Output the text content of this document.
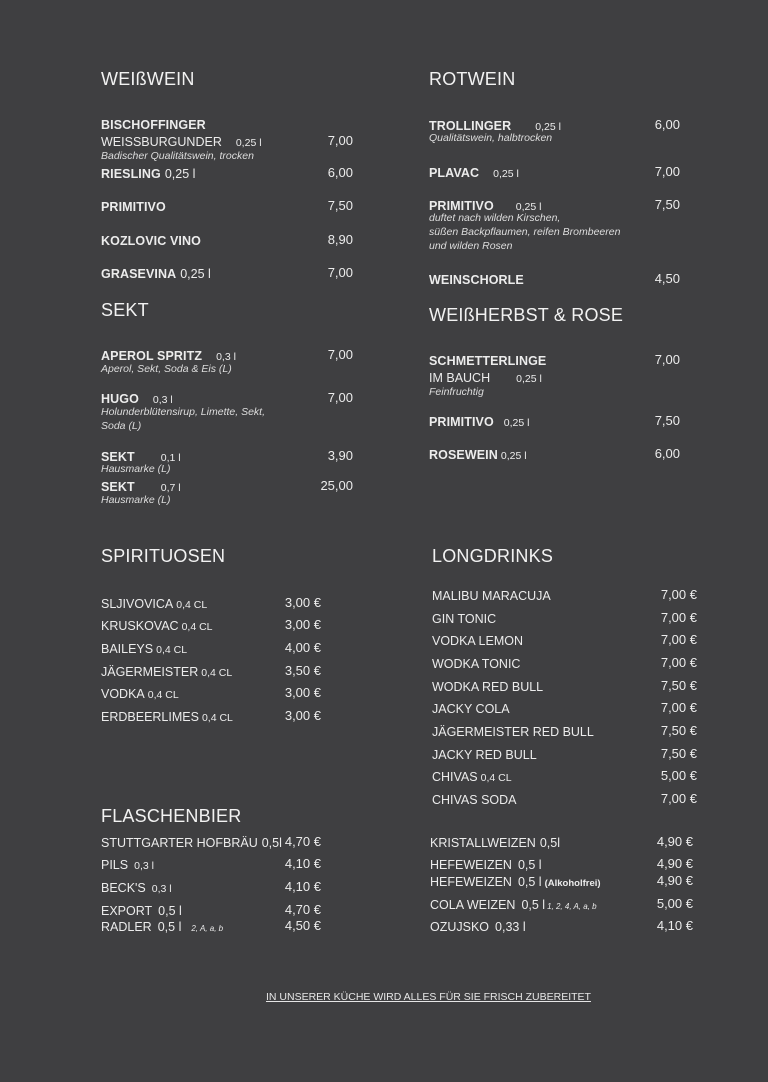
WEIßWEIN
BISCHOFFINGER
WEISSBURGUNDER 0,25 l	7,00
Badischer Qualitätswein, trocken
RIESLING 0,25 l	6,00
PRIMITIVO	7,50
KOZLOVIC VINO	8,90
GRASEVINA 0,25 l	7,00
SEKT
APEROL SPRITZ 0,3 l	7,00
Aperol, Sekt, Soda & Eis (L)
HUGO 0,3 l	7,00
Holunderblütensirup, Limette, Sekt,
Soda (L)
SEKT 0,1 l	3,90
Hausmarke (L)
SEKT 0,7 l	25,00
Hausmarke (L)
ROTWEIN
TROLLINGER 0,25 l	6,00
Qualitätswein, halbtrocken
PLAVAC 0,25 l	7,00
PRIMITIVO 0,25 l	7,50
duftet nach wilden Kirschen,
süßen Backpflaumen, reifen Brombeeren
und wilden Rosen
WEINSCHORLE	4,50
WEIßHERBST & ROSE
SCHMETTERLINGE	7,00
IM BAUCH 0,25 l
Feinfruchtig
PRIMITIVO 0,25 l	7,50
ROSEWEIN 0,25 l	6,00
SPIRITUOSEN
SLJIVOVICA 0,4 CL	3,00 €
KRUSKOVAC 0,4 CL	3,00 €
BAILEYS 0,4 CL	4,00 €
JÄGERMEISTER 0,4 CL	3,50 €
VODKA 0,4 CL	3,00 €
ERDBEERLIMES 0,4 CL	3,00 €
LONGDRINKS
MALIBU MARACUJA	7,00 €
GIN TONIC	7,00 €
VODKA LEMON	7,00 €
WODKA TONIC	7,00 €
WODKA RED BULL	7,50 €
JACKY COLA	7,00 €
JÄGERMEISTER RED BULL	7,50 €
JACKY RED BULL	7,50 €
CHIVAS 0,4 CL	5,00 €
CHIVAS SODA	7,00 €
FLASCHENBIER
STUTTGARTER HOFBRÄU 0,5l 4,70 €
PILS 0,3 l	4,10 €
BECK'S 0,3 l	4,10 €
EXPORT 0,5 l	4,70 €
RADLER 0,5 l 2, A, a, b	4,50 €
KRISTALLWEIZEN 0,5l	4,90 €
HEFEWEIZEN 0,5 l	4,90 €
HEFEWEIZEN 0,5 l (Alkoholfrei)	4,90 €
COLA WEIZEN 0,5 l 1, 2, 4, A, a, b	5,00 €
OZUJSKO 0,33 l	4,10 €
IN UNSERER KÜCHE WIRD ALLES FÜR SIE FRISCH ZUBEREITET
